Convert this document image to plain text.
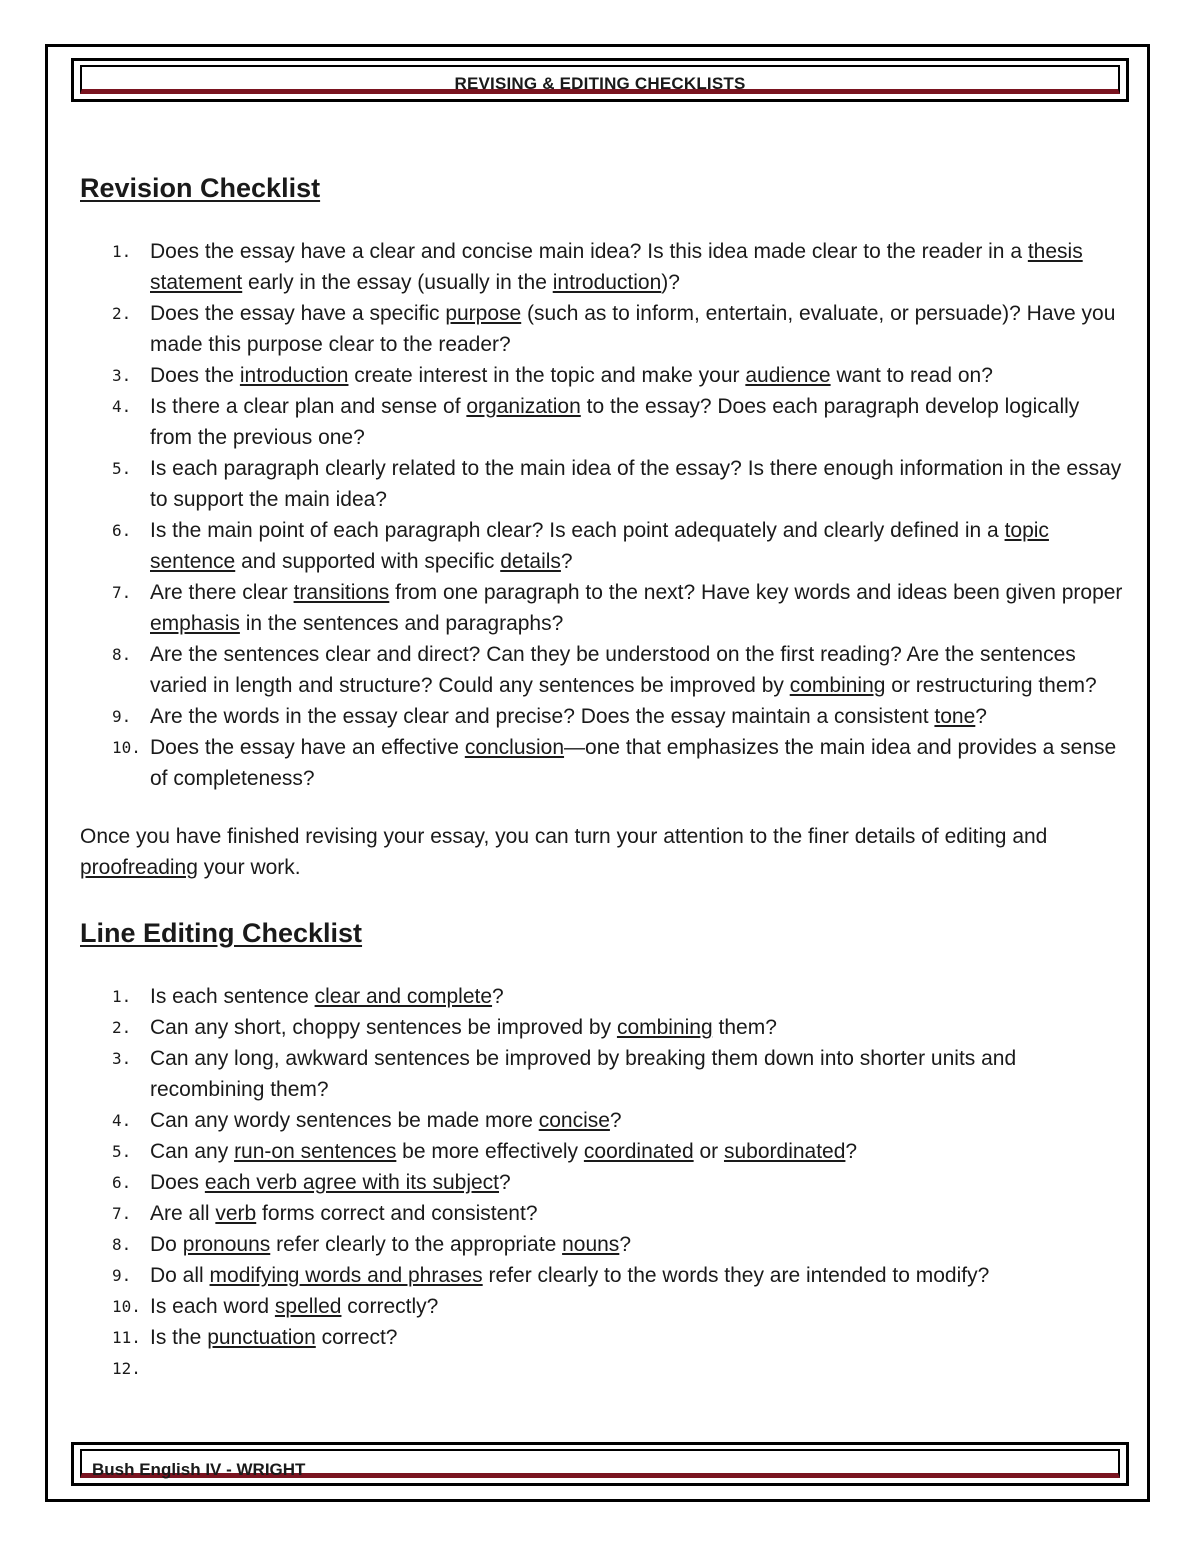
REVISING & EDITING CHECKLISTS
Revision Checklist
1. Does the essay have a clear and concise main idea? Is this idea made clear to the reader in a thesis statement early in the essay (usually in the introduction)?
2. Does the essay have a specific purpose (such as to inform, entertain, evaluate, or persuade)? Have you made this purpose clear to the reader?
3. Does the introduction create interest in the topic and make your audience want to read on?
4. Is there a clear plan and sense of organization to the essay? Does each paragraph develop logically from the previous one?
5. Is each paragraph clearly related to the main idea of the essay? Is there enough information in the essay to support the main idea?
6. Is the main point of each paragraph clear? Is each point adequately and clearly defined in a topic sentence and supported with specific details?
7. Are there clear transitions from one paragraph to the next? Have key words and ideas been given proper emphasis in the sentences and paragraphs?
8. Are the sentences clear and direct? Can they be understood on the first reading? Are the sentences varied in length and structure? Could any sentences be improved by combining or restructuring them?
9. Are the words in the essay clear and precise? Does the essay maintain a consistent tone?
10. Does the essay have an effective conclusion—one that emphasizes the main idea and provides a sense of completeness?
Once you have finished revising your essay, you can turn your attention to the finer details of editing and proofreading your work.
Line Editing Checklist
1. Is each sentence clear and complete?
2. Can any short, choppy sentences be improved by combining them?
3. Can any long, awkward sentences be improved by breaking them down into shorter units and recombining them?
4. Can any wordy sentences be made more concise?
5. Can any run-on sentences be more effectively coordinated or subordinated?
6. Does each verb agree with its subject?
7. Are all verb forms correct and consistent?
8. Do pronouns refer clearly to the appropriate nouns?
9. Do all modifying words and phrases refer clearly to the words they are intended to modify?
10. Is each word spelled correctly?
11. Is the punctuation correct?
12.
Bush English IV - WRIGHT
